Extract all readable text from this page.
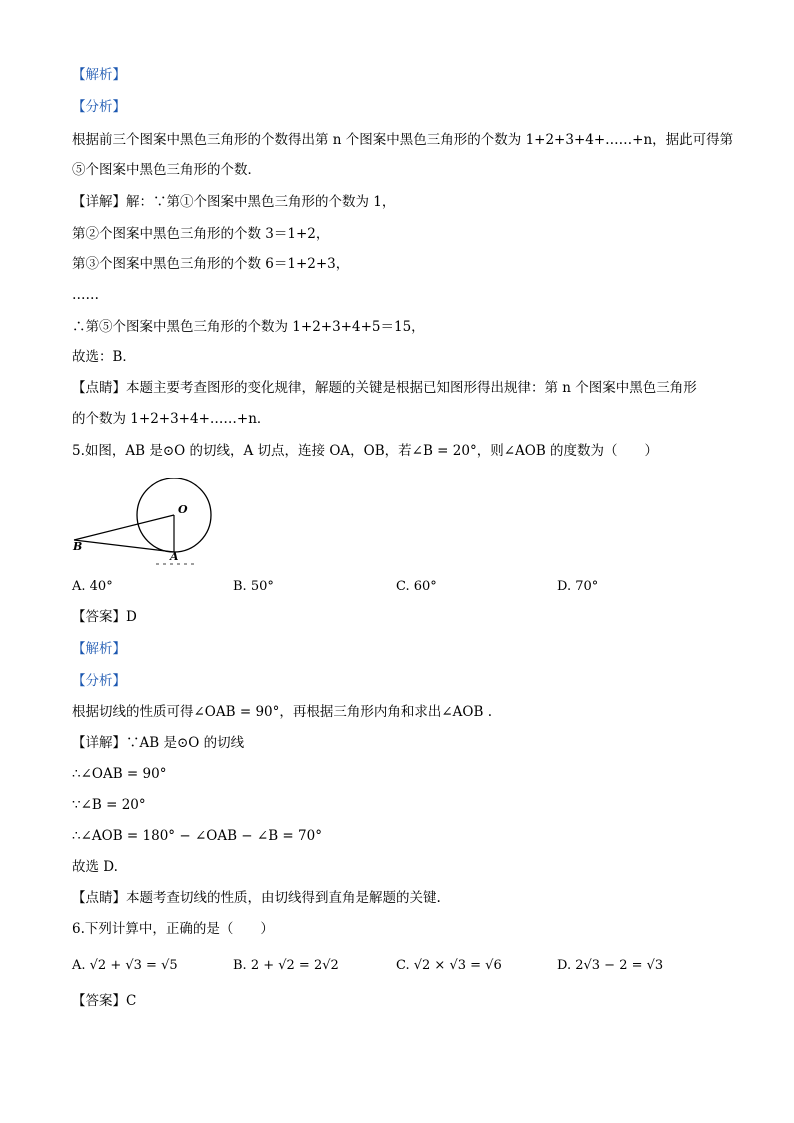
【解析】
【分析】
根据前三个图案中黑色三角形的个数得出第 n 个图案中黑色三角形的个数为 1+2+3+4+……+n，据此可得第
⑤个图案中黑色三角形的个数．
【详解】解：∵第①个图案中黑色三角形的个数为 1，
第②个图案中黑色三角形的个数 3＝1+2，
第③个图案中黑色三角形的个数 6＝1+2+3，
……
∴第⑤个图案中黑色三角形的个数为 1+2+3+4+5＝15，
故选：B．
【点睛】本题主要考查图形的变化规律，解题的关键是根据已知图形得出规律：第 n 个图案中黑色三角形
的个数为 1+2+3+4+……+n．
5.如图，AB 是⊙O 的切线，A 切点，连接 OA，OB，若∠B = 20°，则∠AOB 的度数为（　　）
O
B
A
A. 40°	B. 50°	C. 60°	D. 70°
【答案】D
【解析】
【分析】
根据切线的性质可得∠OAB = 90°，再根据三角形内角和求出∠AOB .
【详解】∵AB 是⊙O 的切线
∴∠OAB = 90°
∵∠B = 20°
∴∠AOB = 180° − ∠OAB − ∠B = 70°
故选 D.
【点睛】本题考查切线的性质，由切线得到直角是解题的关键.
6.下列计算中，正确的是（　　）
A. √2 + √3 = √5	B. 2 + √2 = 2√2	C. √2 × √3 = √6	D. 2√3 − 2 = √3
【答案】C
